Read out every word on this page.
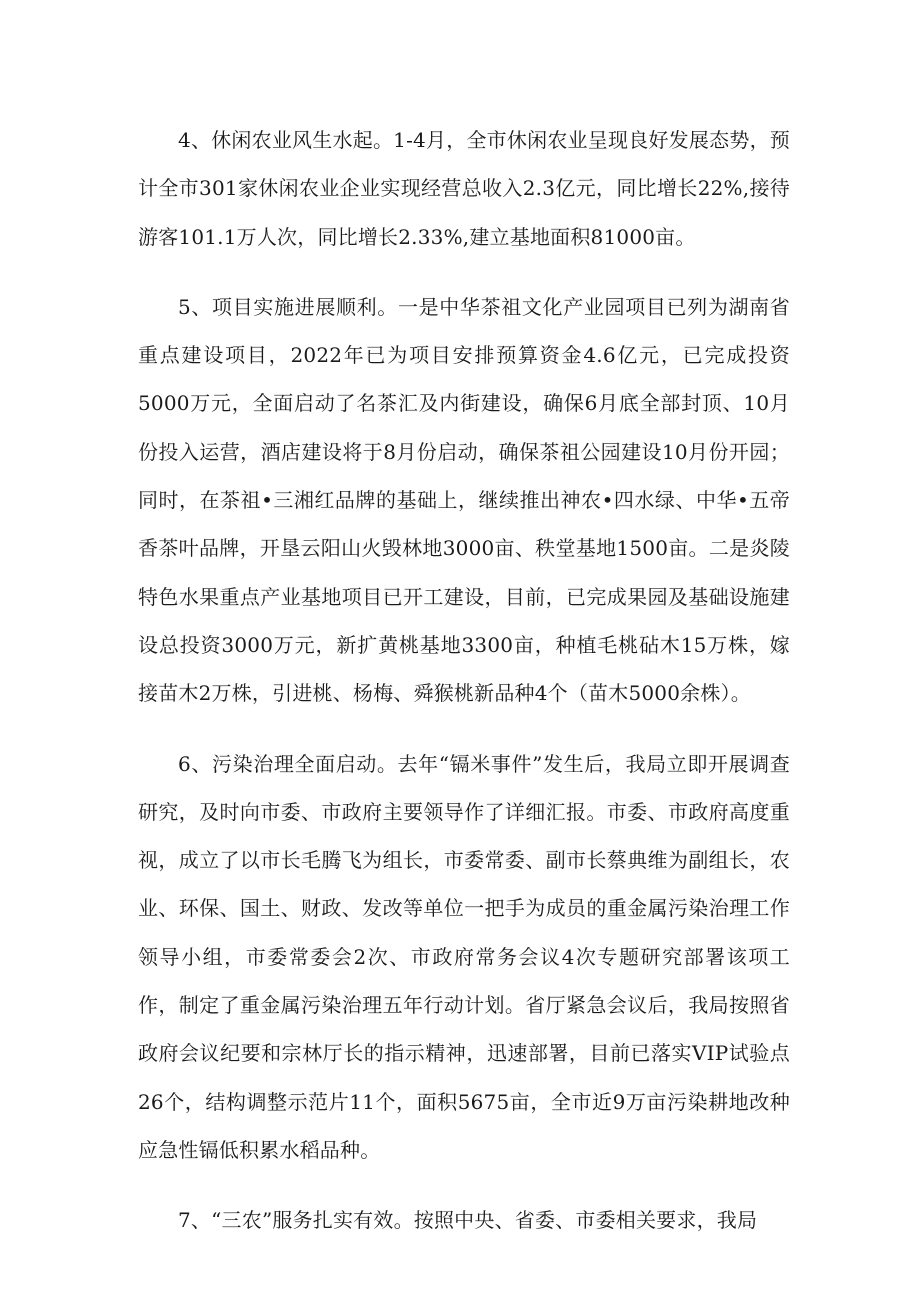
4、休闲农业风生水起。1-4月，全市休闲农业呈现良好发展态势，预计全市301家休闲农业企业实现经营总收入2.3亿元，同比增长22%,接待游客101.1万人次，同比增长2.33%,建立基地面积81000亩。

5、项目实施进展顺利。一是中华茶祖文化产业园项目已列为湖南省重点建设项目，2022年已为项目安排预算资金4.6亿元，已完成投资5000万元，全面启动了名茶汇及内街建设，确保6月底全部封顶、10月份投入运营，酒店建设将于8月份启动，确保茶祖公园建设10月份开园；同时，在茶祖•三湘红品牌的基础上，继续推出神农•四水绿、中华•五帝香茶叶品牌，开垦云阳山火毁林地3000亩、秩堂基地1500亩。二是炎陵特色水果重点产业基地项目已开工建设，目前，已完成果园及基础设施建设总投资3000万元，新扩黄桃基地3300亩，种植毛桃砧木15万株，嫁接苗木2万株，引进桃、杨梅、舜猴桃新品种4个（苗木5000余株）。

6、污染治理全面启动。去年“镉米事件”发生后，我局立即开展调查研究，及时向市委、市政府主要领导作了详细汇报。市委、市政府高度重视，成立了以市长毛腾飞为组长，市委常委、副市长蔡典维为副组长，农业、环保、国土、财政、发改等单位一把手为成员的重金属污染治理工作领导小组，市委常委会2次、市政府常务会议4次专题研究部署该项工作，制定了重金属污染治理五年行动计划。省厅紧急会议后，我局按照省政府会议纪要和宗林厅长的指示精神，迅速部署，目前已落实VIP试验点26个，结构调整示范片11个，面积5675亩，全市近9万亩污染耕地改种应急性镉低积累水稻品种。

7、“三农”服务扎实有效。按照中央、省委、市委相关要求，我局
